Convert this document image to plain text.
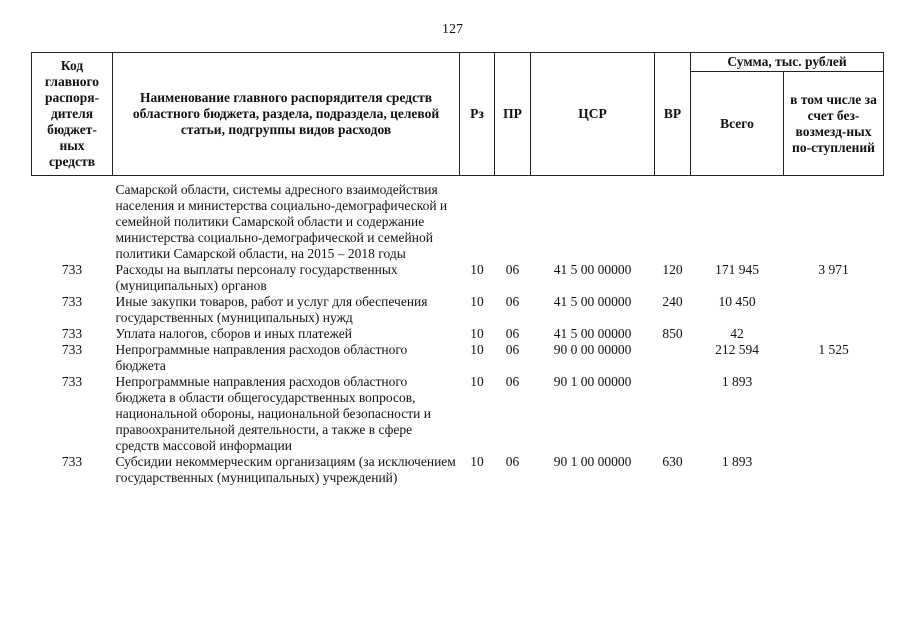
127
Код главного распоря-дителя бюджет-ных средств	Наименование главного распорядителя средств областного бюджета, раздела, подраздела, целевой статьи, подгруппы видов расходов	Рз	ПР	ЦСР	ВР	Сумма, тыс. рублей	
						Всего	в том числе за счет без-возмезд-ных по-ступлений
	Самарской области, системы адресного взаимодействия населения и министерства социально-демографической и семейной политики Самарской области и содержание министерства социально-демографической и семейной политики Самарской области, на 2015 – 2018 годы						
733	Расходы на выплаты персоналу государственных (муниципальных) органов	10	06	41 5 00 00000	120	171 945	3 971
733	Иные закупки товаров, работ и услуг для обеспечения государственных (муниципальных) нужд	10	06	41 5 00 00000	240	10 450	
733	Уплата налогов, сборов и иных платежей	10	06	41 5 00 00000	850	42	
733	Непрограммные направления расходов областного бюджета	10	06	90 0 00 00000		212 594	1 525
733	Непрограммные направления расходов областного бюджета в области общегосударственных вопросов, национальной обороны, национальной безопасности и правоохранительной деятельности, а также в сфере средств массовой информации	10	06	90 1 00 00000		1 893	
733	Субсидии некоммерческим организациям (за исключением государственных (муниципальных) учреждений)	10	06	90 1 00 00000	630	1 893	
